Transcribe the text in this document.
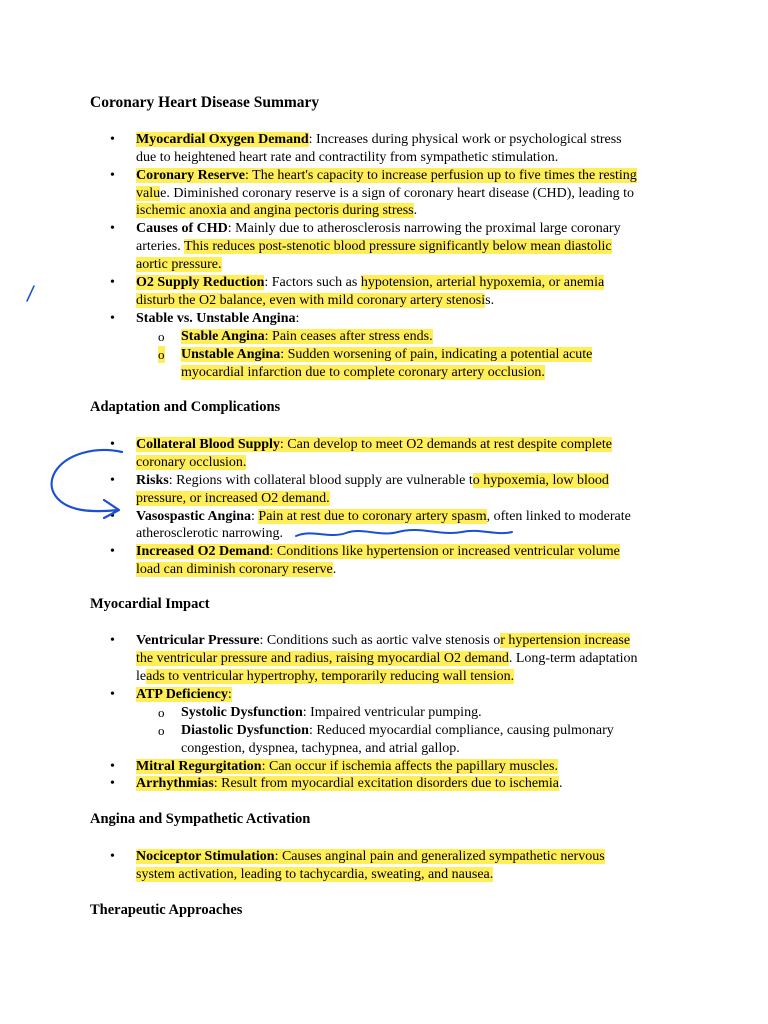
Coronary Heart Disease Summary
• Myocardial Oxygen Demand: Increases during physical work or psychological stress
due to heightened heart rate and contractility from sympathetic stimulation.
• Coronary Reserve: The heart's capacity to increase perfusion up to five times the resting
value. Diminished coronary reserve is a sign of coronary heart disease (CHD), leading to
ischemic anoxia and angina pectoris during stress.
• Causes of CHD: Mainly due to atherosclerosis narrowing the proximal large coronary
arteries. This reduces post-stenotic blood pressure significantly below mean diastolic
aortic pressure.
• O2 Supply Reduction: Factors such as hypotension, arterial hypoxemia, or anemia
disturb the O2 balance, even with mild coronary artery stenosis.
• Stable vs. Unstable Angina:
o Stable Angina: Pain ceases after stress ends.
o Unstable Angina: Sudden worsening of pain, indicating a potential acute
myocardial infarction due to complete coronary artery occlusion.
Adaptation and Complications
• Collateral Blood Supply: Can develop to meet O2 demands at rest despite complete
coronary occlusion.
• Risks: Regions with collateral blood supply are vulnerable to hypoxemia, low blood
pressure, or increased O2 demand.
• Vasospastic Angina: Pain at rest due to coronary artery spasm, often linked to moderate
atherosclerotic narrowing.
• Increased O2 Demand: Conditions like hypertension or increased ventricular volume
load can diminish coronary reserve.
Myocardial Impact
• Ventricular Pressure: Conditions such as aortic valve stenosis or hypertension increase
the ventricular pressure and radius, raising myocardial O2 demand. Long-term adaptation
leads to ventricular hypertrophy, temporarily reducing wall tension.
• ATP Deficiency:
o Systolic Dysfunction: Impaired ventricular pumping.
o Diastolic Dysfunction: Reduced myocardial compliance, causing pulmonary
congestion, dyspnea, tachypnea, and atrial gallop.
• Mitral Regurgitation: Can occur if ischemia affects the papillary muscles.
• Arrhythmias: Result from myocardial excitation disorders due to ischemia.
Angina and Sympathetic Activation
• Nociceptor Stimulation: Causes anginal pain and generalized sympathetic nervous
system activation, leading to tachycardia, sweating, and nausea.
Therapeutic Approaches
